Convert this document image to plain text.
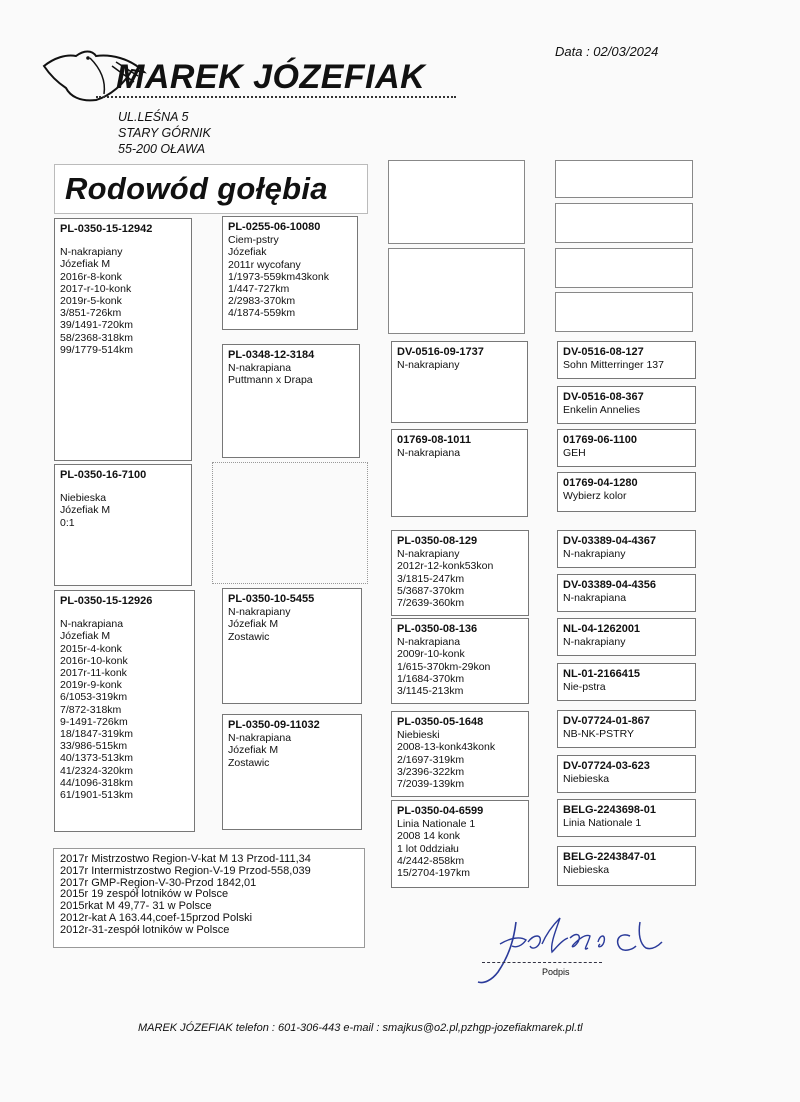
Data : 02/03/2024
MAREK JÓZEFIAK
UL.LEŚNA 5
STARY GÓRNIK
55-200 OŁAWA
Rodowód gołębia
PL-0350-15-12942
N-nakrapiany
Józefiak M
2016r-8-konk
2017-r-10-konk
2019r-5-konk
3/851-726km
39/1491-720km
58/2368-318km
99/1779-514km
PL-0350-16-7100
Niebieska
Józefiak M
0:1
PL-0350-15-12926
N-nakrapiana
Józefiak M
2015r-4-konk
2016r-10-konk
2017r-11-konk
2019r-9-konk
6/1053-319km
7/872-318km
9-1491-726km
18/1847-319km
33/986-515km
40/1373-513km
41/2324-320km
44/1096-318km
61/1901-513km
PL-0255-06-10080
Ciem-pstry
Józefiak
2011r wycofany
1/1973-559km43konk
1/447-727km
2/2983-370km
4/1874-559km
PL-0348-12-3184
N-nakrapiana
Puttmann x Drapa
PL-0350-10-5455
N-nakrapiany
Józefiak M
Zostawic
PL-0350-09-11032
N-nakrapiana
Józefiak M
Zostawic
DV-0516-09-1737
N-nakrapiany
01769-08-1011
N-nakrapiana
PL-0350-08-129
N-nakrapiany
2012r-12-konk53kon
3/1815-247km
5/3687-370km
7/2639-360km
PL-0350-08-136
N-nakrapiana
2009r-10-konk
1/615-370km-29kon
1/1684-370km
3/1145-213km
PL-0350-05-1648
Niebieski
2008-13-konk43konk
2/1697-319km
3/2396-322km
7/2039-139km
PL-0350-04-6599
Linia Nationale 1
2008 14 konk
1 lot 0ddziału
4/2442-858km
15/2704-197km
DV-0516-08-127
Sohn Mitterringer 137
DV-0516-08-367
Enkelin Annelies
01769-06-1100
GEH
01769-04-1280
Wybierz kolor
DV-03389-04-4367
N-nakrapiany
DV-03389-04-4356
N-nakrapiana
NL-04-1262001
N-nakrapiany
NL-01-2166415
Nie-pstra
DV-07724-01-867
NB-NK-PSTRY
DV-07724-03-623
Niebieska
BELG-2243698-01
Linia Nationale 1
BELG-2243847-01
Niebieska
2017r Mistrzostwo Region-V-kat M 13 Przod-111,34
2017r Intermistrzostwo Region-V-19 Przod-558,039
2017r GMP-Region-V-30-Przod 1842,01
2015r 19 zespół lotników w Polsce
2015rkat M 49,77- 31 w Polsce
2012r-kat A 163.44,coef-15przod Polski
2012r-31-zespół lotników w Polsce
Podpis
MAREK JÓZEFIAK telefon : 601-306-443 e-mail : smajkus@o2.pl,pzhgp-jozefiakmarek.pl.tl
